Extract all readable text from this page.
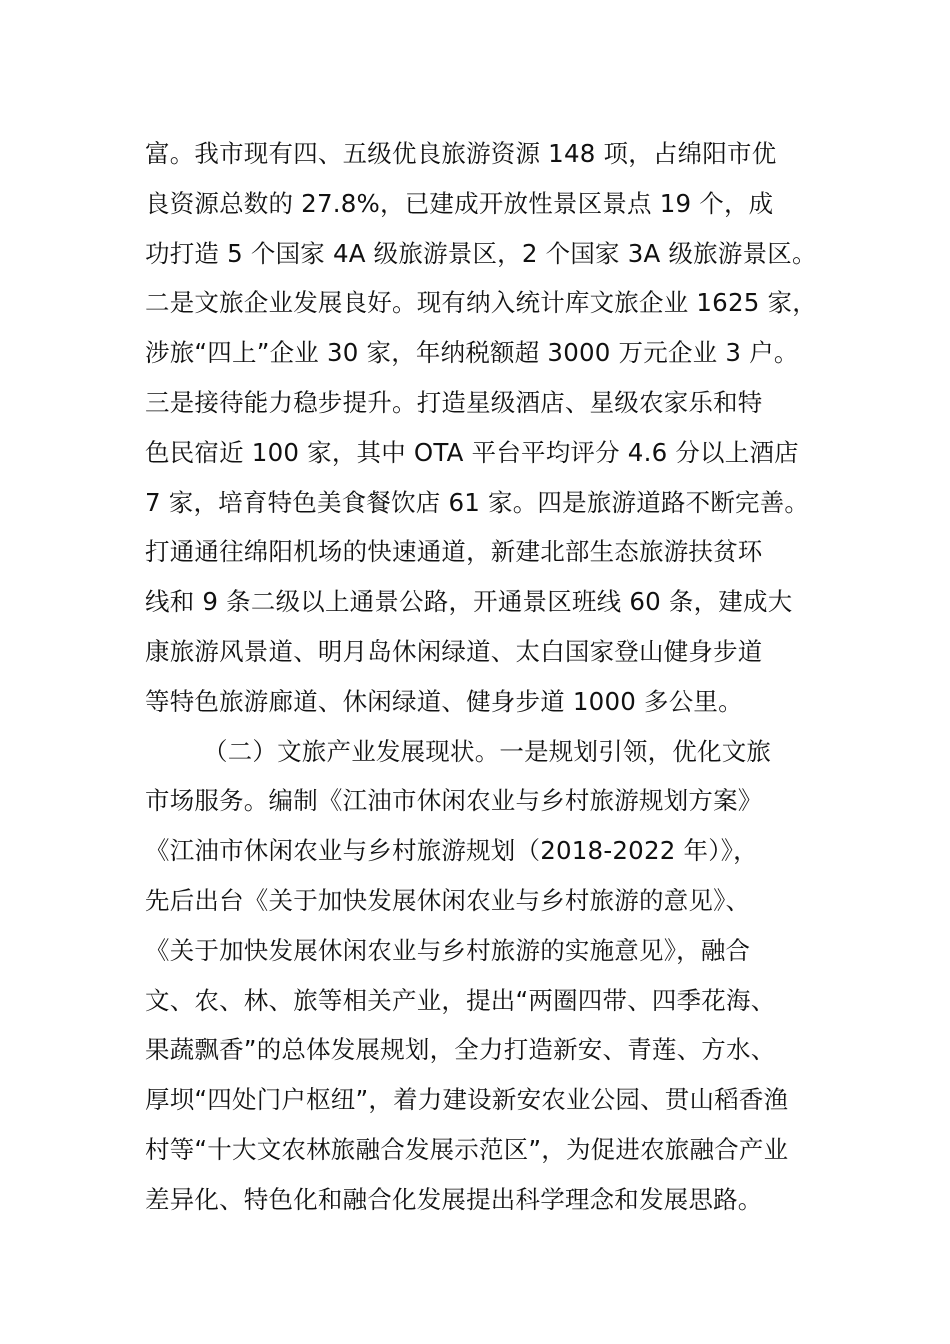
富。我市现有四、五级优良旅游资源 148 项，占绵阳市优
良资源总数的 27.8%，已建成开放性景区景点 19 个，成
功打造 5 个国家 4A 级旅游景区，2 个国家 3A 级旅游景区。
二是文旅企业发展良好。现有纳入统计库文旅企业 1625 家，
涉旅“四上”企业 30 家，年纳税额超 3000 万元企业 3 户。
三是接待能力稳步提升。打造星级酒店、星级农家乐和特
色民宿近 100 家，其中 OTA 平台平均评分 4.6 分以上酒店
7 家，培育特色美食餐饮店 61 家。四是旅游道路不断完善。
打通通往绵阳机场的快速通道，新建北部生态旅游扶贫环
线和 9 条二级以上通景公路，开通景区班线 60 条，建成大
康旅游风景道、明月岛休闲绿道、太白国家登山健身步道
等特色旅游廊道、休闲绿道、健身步道 1000 多公里。
（二）文旅产业发展现状。一是规划引领，优化文旅
市场服务。编制《江油市休闲农业与乡村旅游规划方案》
《江油市休闲农业与乡村旅游规划（2018-2022 年）》，
先后出台《关于加快发展休闲农业与乡村旅游的意见》、
《关于加快发展休闲农业与乡村旅游的实施意见》，融合
文、农、林、旅等相关产业，提出“两圈四带、四季花海、
果蔬飘香”的总体发展规划，全力打造新安、青莲、方水、
厚坝“四处门户枢纽”，着力建设新安农业公园、贯山稻香渔
村等“十大文农林旅融合发展示范区”，为促进农旅融合产业
差异化、特色化和融合化发展提出科学理念和发展思路。
